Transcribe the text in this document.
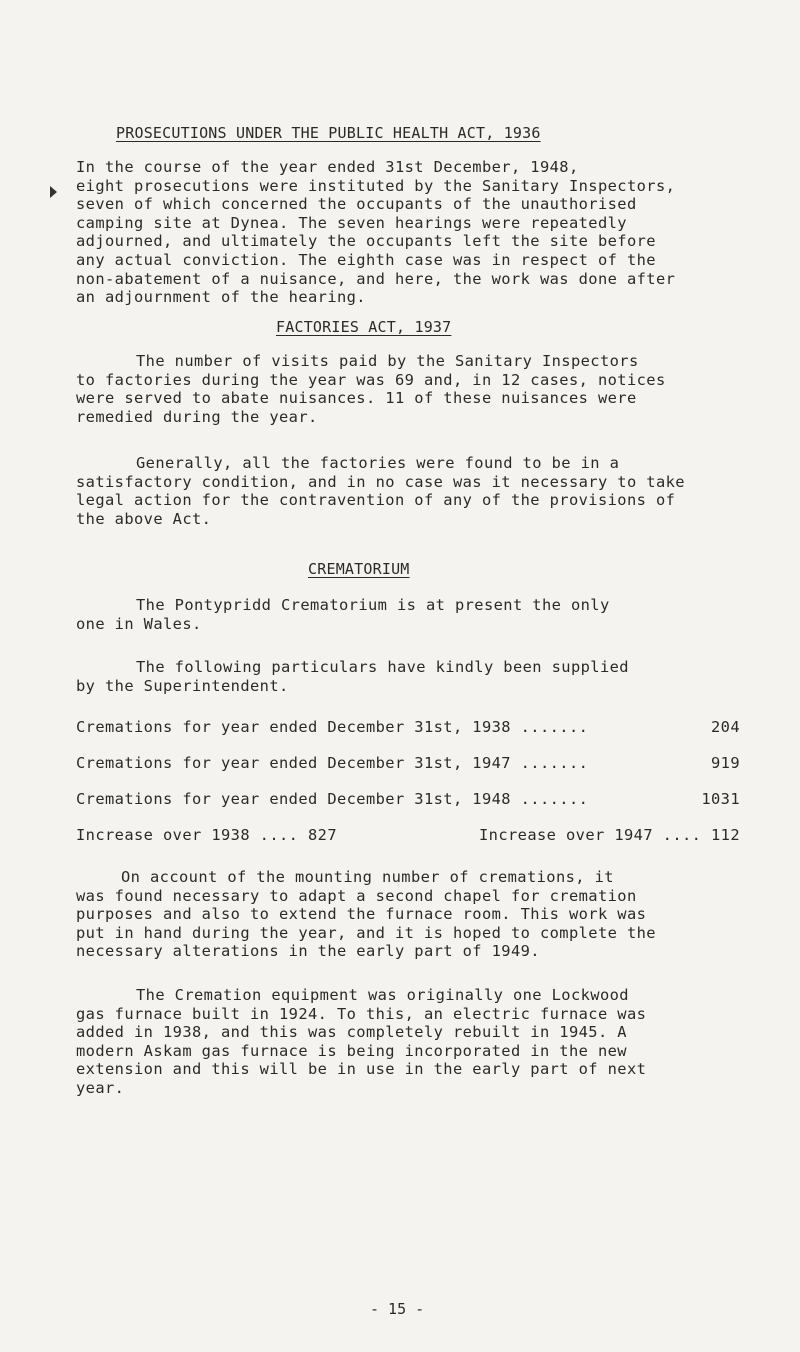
PROSECUTIONS UNDER THE PUBLIC HEALTH ACT, 1936

In the course of the year ended 31st December, 1948,
eight prosecutions were instituted by the Sanitary Inspectors,
seven of which concerned the occupants of the unauthorised
camping site at Dynea. The seven hearings were repeatedly
adjourned, and ultimately the occupants left the site before
any actual conviction. The eighth case was in respect of the
non-abatement of a nuisance, and here, the work was done after
an adjournment of the hearing.

FACTORIES ACT, 1937

The number of visits paid by the Sanitary Inspectors
to factories during the year was 69 and, in 12 cases, notices
were served to abate nuisances. 11 of these nuisances were
remedied during the year.

Generally, all the factories were found to be in a
satisfactory condition, and in no case was it necessary to take
legal action for the contravention of any of the provisions of
the above Act.

CREMATORIUM

The Pontypridd Crematorium is at present the only
one in Wales.

The following particulars have kindly been supplied
by the Superintendent.

Cremations for year ended December 31st, 1938 .......	204
Cremations for year ended December 31st, 1947 .......	919
Cremations for year ended December 31st, 1948 .......	1031
Increase over 1938 .... 827	Increase over 1947 .... 112

On account of the mounting number of cremations, it
was found necessary to adapt a second chapel for cremation
purposes and also to extend the furnace room. This work was
put in hand during the year, and it is hoped to complete the
necessary alterations in the early part of 1949.

The Cremation equipment was originally one Lockwood
gas furnace built in 1924. To this, an electric furnace was
added in 1938, and this was completely rebuilt in 1945. A
modern Askam gas furnace is being incorporated in the new
extension and this will be in use in the early part of next
year.

- 15 -
